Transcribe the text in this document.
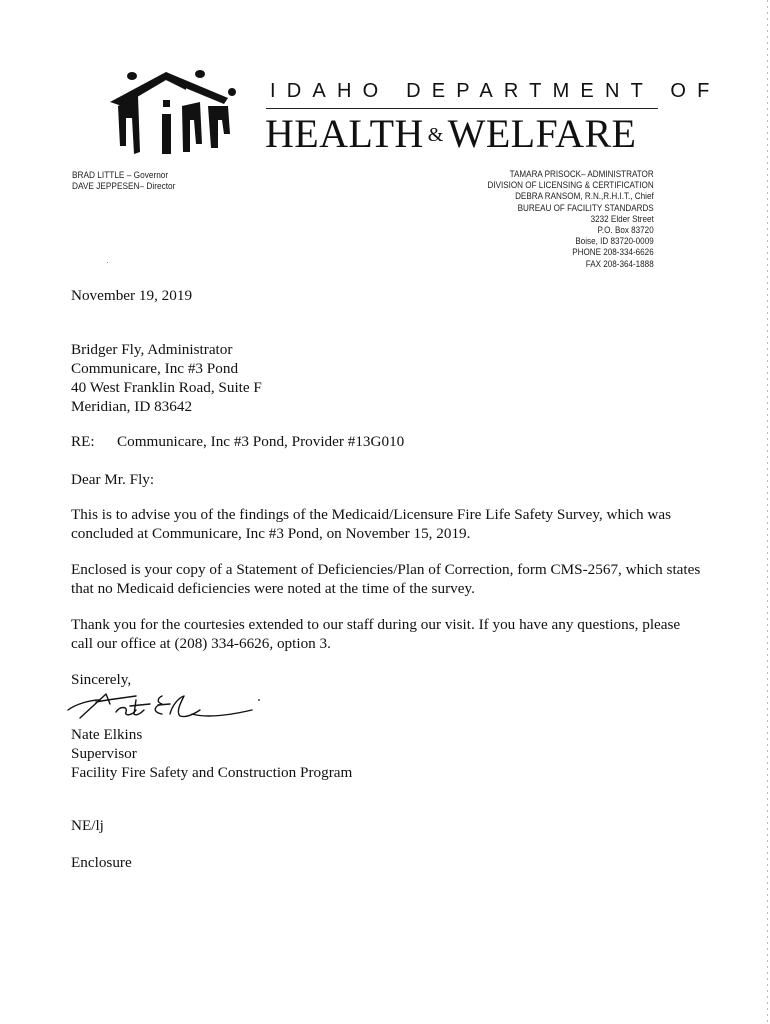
IDAHO DEPARTMENT OF
HEALTH & WELFARE
BRAD LITTLE – Governor
DAVE JEPPESEN– Director
TAMARA PRISOCK– ADMINISTRATOR
DIVISION OF LICENSING & CERTIFICATION
DEBRA RANSOM, R.N.,R.H.I.T., Chief
BUREAU OF FACILITY STANDARDS
3232 Elder Street
P.O. Box 83720
Boise, ID 83720-0009
PHONE 208-334-6626
FAX 208-364-1888
November 19, 2019
Bridger Fly, Administrator
Communicare, Inc #3 Pond
40 West Franklin Road, Suite F
Meridian, ID 83642
RE: Communicare, Inc #3 Pond, Provider #13G010
Dear Mr. Fly:
This is to advise you of the findings of the Medicaid/Licensure Fire Life Safety Survey, which was
concluded at Communicare, Inc #3 Pond, on November 15, 2019.
Enclosed is your copy of a Statement of Deficiencies/Plan of Correction, form CMS-2567, which states
that no Medicaid deficiencies were noted at the time of the survey.
Thank you for the courtesies extended to our staff during our visit. If you have any questions, please
call our office at (208) 334-6626, option 3.
Sincerely,
Nate Elkins
Supervisor
Facility Fire Safety and Construction Program
NE/lj
Enclosure
